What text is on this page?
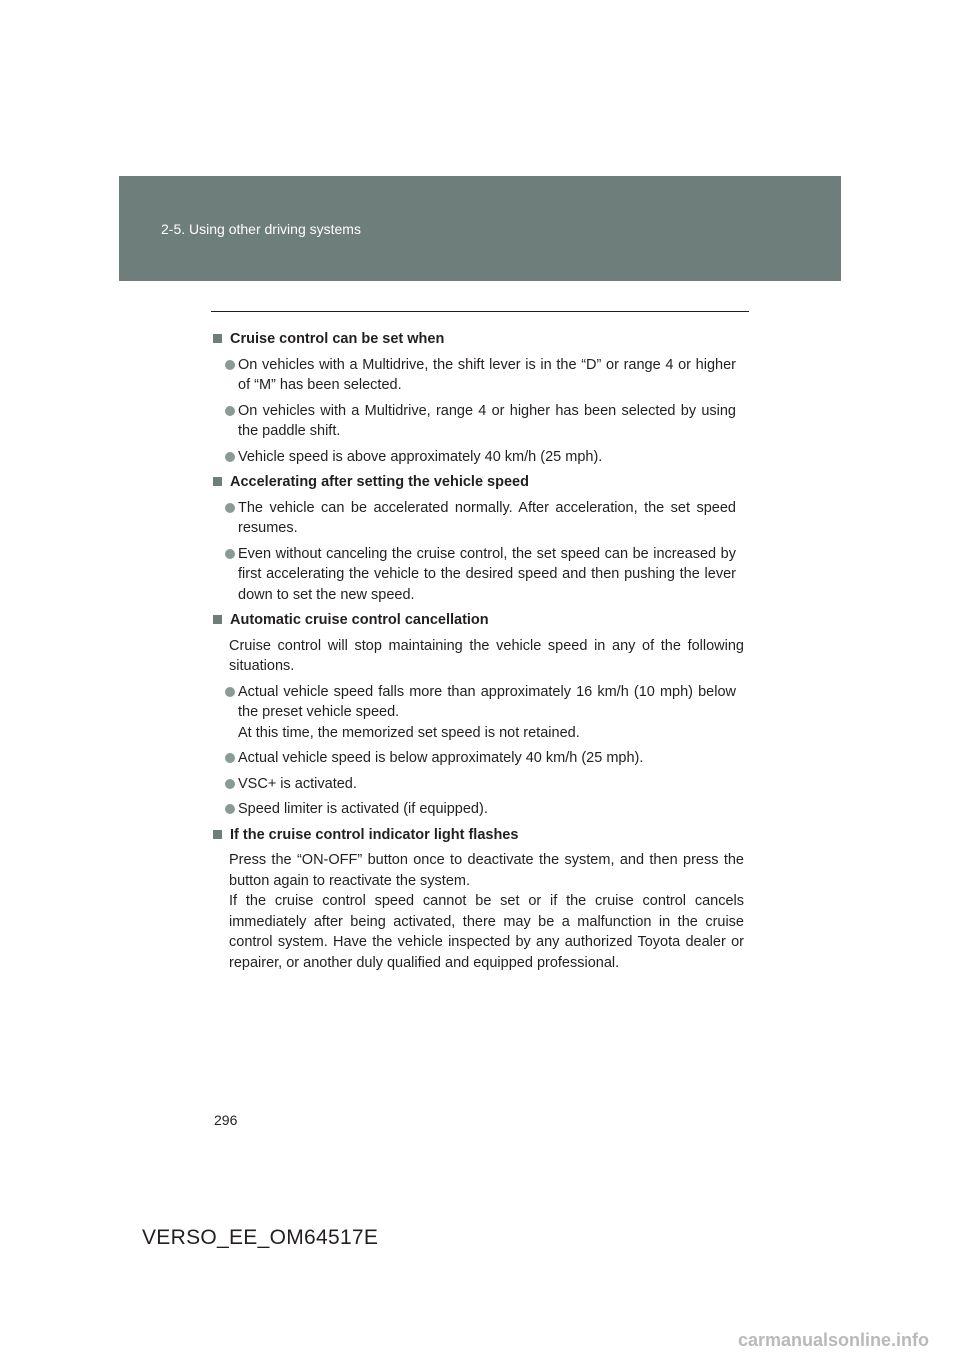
2-5. Using other driving systems
Cruise control can be set when
On vehicles with a Multidrive, the shift lever is in the “D” or range 4 or higher of “M” has been selected.
On vehicles with a Multidrive, range 4 or higher has been selected by using the paddle shift.
Vehicle speed is above approximately 40 km/h (25 mph).
Accelerating after setting the vehicle speed
The vehicle can be accelerated normally. After acceleration, the set speed resumes.
Even without canceling the cruise control, the set speed can be increased by first accelerating the vehicle to the desired speed and then pushing the lever down to set the new speed.
Automatic cruise control cancellation
Cruise control will stop maintaining the vehicle speed in any of the following situations.
Actual vehicle speed falls more than approximately 16 km/h (10 mph) below the preset vehicle speed.
At this time, the memorized set speed is not retained.
Actual vehicle speed is below approximately 40 km/h (25 mph).
VSC+ is activated.
Speed limiter is activated (if equipped).
If the cruise control indicator light flashes
Press the “ON-OFF” button once to deactivate the system, and then press the button again to reactivate the system.
If the cruise control speed cannot be set or if the cruise control cancels immediately after being activated, there may be a malfunction in the cruise control system. Have the vehicle inspected by any authorized Toyota dealer or repairer, or another duly qualified and equipped professional.
296
VERSO_EE_OM64517E
carmanualsonline.info
